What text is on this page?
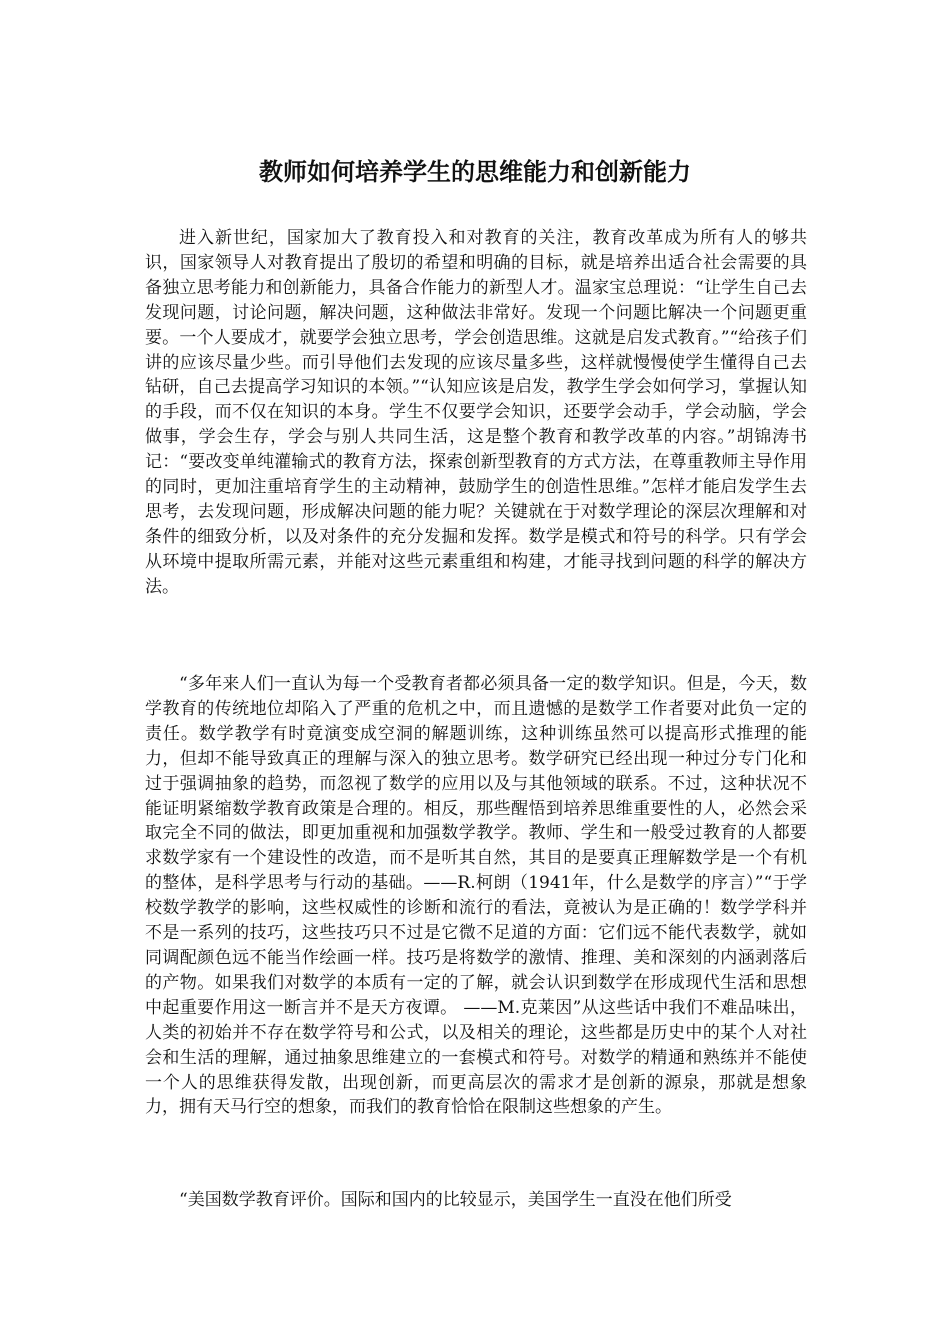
教师如何培养学生的思维能力和创新能力

进入新世纪，国家加大了教育投入和对教育的关注，教育改革成为所有人的够共识，国家领导人对教育提出了殷切的希望和明确的目标，就是培养出适合社会需要的具备独立思考能力和创新能力，具备合作能力的新型人才。温家宝总理说：“让学生自己去发现问题，讨论问题，解决问题，这种做法非常好。发现一个问题比解决一个问题更重要。一个人要成才，就要学会独立思考，学会创造思维。这就是启发式教育。”“给孩子们讲的应该尽量少些。而引导他们去发现的应该尽量多些，这样就慢慢使学生懂得自己去钻研，自己去提高学习知识的本领。”“认知应该是启发，教学生学会如何学习，掌握认知的手段，而不仅在知识的本身。学生不仅要学会知识，还要学会动手，学会动脑，学会做事，学会生存，学会与别人共同生活，这是整个教育和教学改革的内容。”胡锦涛书记：“要改变单纯灌输式的教育方法，探索创新型教育的方式方法，在尊重教师主导作用的同时，更加注重培育学生的主动精神，鼓励学生的创造性思维。”怎样才能启发学生去思考，去发现问题，形成解决问题的能力呢？关键就在于对数学理论的深层次理解和对条件的细致分析，以及对条件的充分发掘和发挥。数学是模式和符号的科学。只有学会从环境中提取所需元素，并能对这些元素重组和构建，才能寻找到问题的科学的解决方法。

“多年来人们一直认为每一个受教育者都必须具备一定的数学知识。但是，今天，数学教育的传统地位却陷入了严重的危机之中，而且遗憾的是数学工作者要对此负一定的责任。数学教学有时竟演变成空洞的解题训练，这种训练虽然可以提高形式推理的能力，但却不能导致真正的理解与深入的独立思考。数学研究已经出现一种过分专门化和过于强调抽象的趋势，而忽视了数学的应用以及与其他领域的联系。不过，这种状况不能证明紧缩数学教育政策是合理的。相反，那些醒悟到培养思维重要性的人，必然会采取完全不同的做法，即更加重视和加强数学教学。教师、学生和一般受过教育的人都要求数学家有一个建设性的改造，而不是听其自然，其目的是要真正理解数学是一个有机的整体，是科学思考与行动的基础。——R.柯朗（1941年，什么是数学的序言）”“于学校数学教学的影响，这些权威性的诊断和流行的看法，竟被认为是正确的！数学学科并不是一系列的技巧，这些技巧只不过是它微不足道的方面：它们远不能代表数学，就如同调配颜色远不能当作绘画一样。技巧是将数学的激情、推理、美和深刻的内涵剥落后的产物。如果我们对数学的本质有一定的了解，就会认识到数学在形成现代生活和思想中起重要作用这一断言并不是天方夜谭。 ——M.克莱因”从这些话中我们不难品味出，人类的初始并不存在数学符号和公式，以及相关的理论，这些都是历史中的某个人对社会和生活的理解，通过抽象思维建立的一套模式和符号。对数学的精通和熟练并不能使一个人的思维获得发散，出现创新，而更高层次的需求才是创新的源泉，那就是想象力，拥有天马行空的想象，而我们的教育恰恰在限制这些想象的产生。

“美国数学教育评价。国际和国内的比较显示，美国学生一直没在他们所受
